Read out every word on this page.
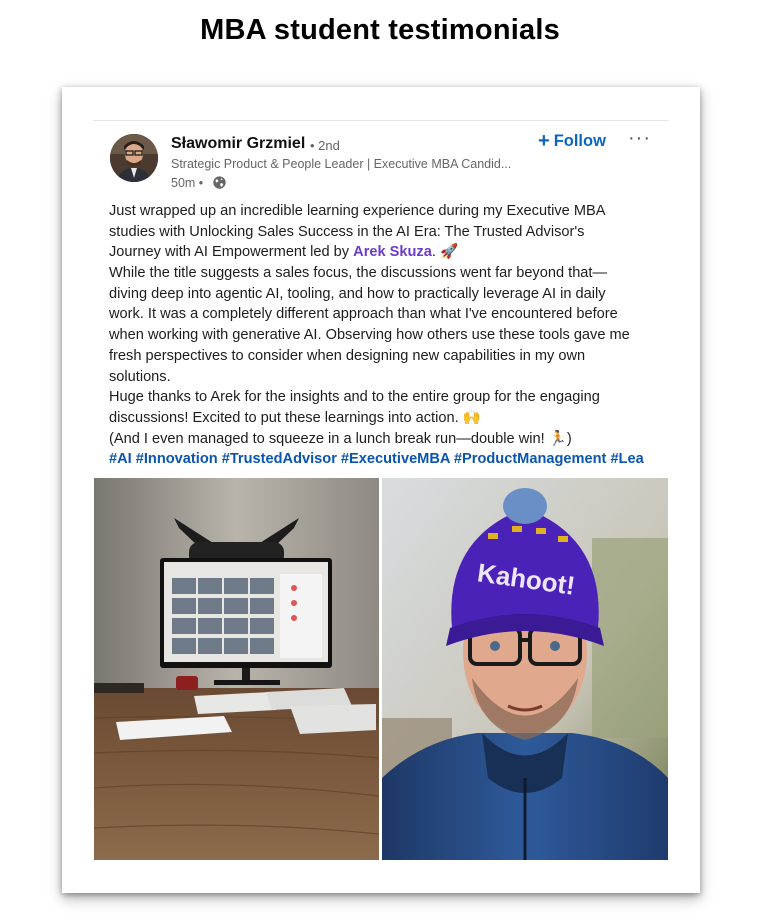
MBA student testimonials
Sławomir Grzmiel • 2nd
Strategic Product & People Leader | Executive MBA Candid...
50m •
+ Follow ···
Just wrapped up an incredible learning experience during my Executive MBA
studies with Unlocking Sales Success in the AI Era: The Trusted Advisor's
Journey with AI Empowerment led by Arek Skuza. 🚀
While the title suggests a sales focus, the discussions went far beyond that—
diving deep into agentic AI, tooling, and how to practically leverage AI in daily
work. It was a completely different approach than what I've encountered before
when working with generative AI. Observing how others use these tools gave me
fresh perspectives to consider when designing new capabilities in my own
solutions.
Huge thanks to Arek for the insights and to the entire group for the engaging
discussions! Excited to put these learnings into action. 🙌
(And I even managed to squeeze in a lunch break run—double win! 🏃)
#AI #Innovation #TrustedAdvisor #ExecutiveMBA #ProductManagement #Lea
Kahoot!
